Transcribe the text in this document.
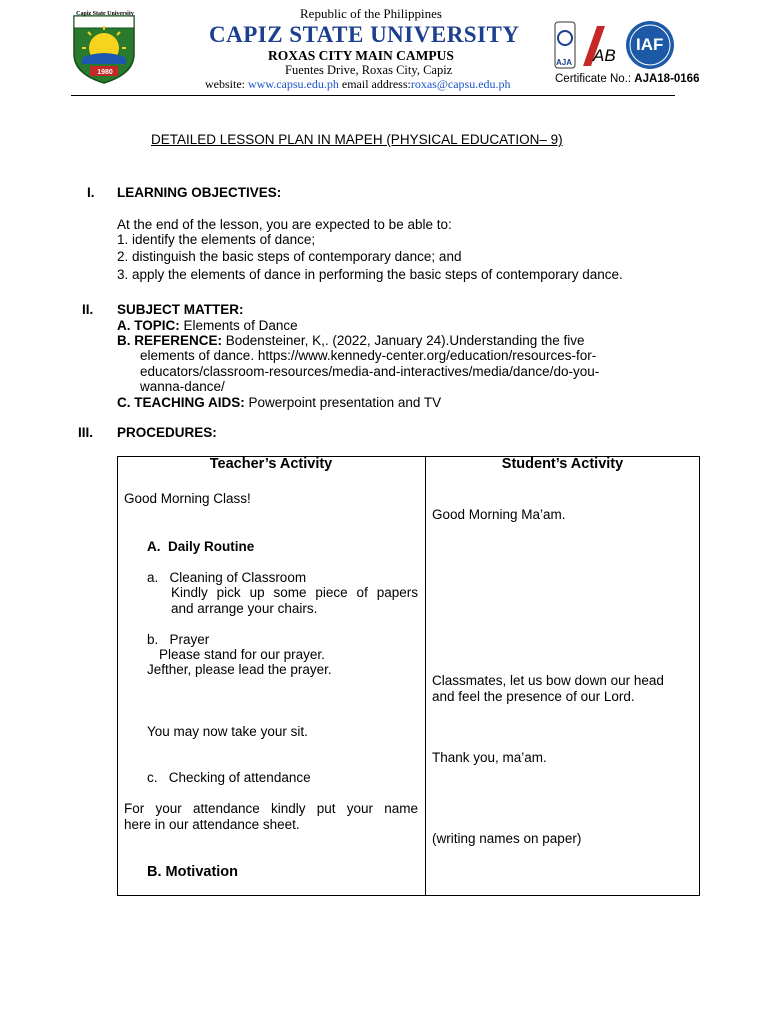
Capiz State University
1980
Republic of the Philippines
CAPIZ STATE UNIVERSITY
ROXAS CITY MAIN CAMPUS
Fuentes Drive, Roxas City, Capiz
website: www.capsu.edu.ph email address:roxas@capsu.edu.ph
AJA AB
IAF
Certificate No.: AJA18-0166
DETAILED LESSON PLAN IN MAPEH (PHYSICAL EDUCATION– 9)
I. LEARNING OBJECTIVES:
At the end of the lesson, you are expected to be able to:
1. identify the elements of dance;
2. distinguish the basic steps of contemporary dance; and
3. apply the elements of dance in performing the basic steps of contemporary dance.
II. SUBJECT MATTER:
A. TOPIC: Elements of Dance
B. REFERENCE: Bodensteiner, K,. (2022, January 24).Understanding the five
elements of dance. https://www.kennedy-center.org/education/resources-for-
educators/classroom-resources/media-and-interactives/media/dance/do-you-
wanna-dance/
C. TEACHING AIDS: Powerpoint presentation and TV
III. PROCEDURES:
Teacher’s Activity	Student’s Activity
Good Morning Class!
A.  Daily Routine
a.   Cleaning of Classroom
Kindly pick up some piece of papers
and arrange your chairs.
b.   Prayer
Please stand for our prayer.
Jefther, please lead the prayer.
You may now take your sit.
c.   Checking of attendance
For your attendance kindly put your name
here in our attendance sheet.
B. Motivation
Good Morning Ma’am.
Classmates, let us bow down our head
and feel the presence of our Lord.
Thank you, ma’am.
(writing names on paper)
